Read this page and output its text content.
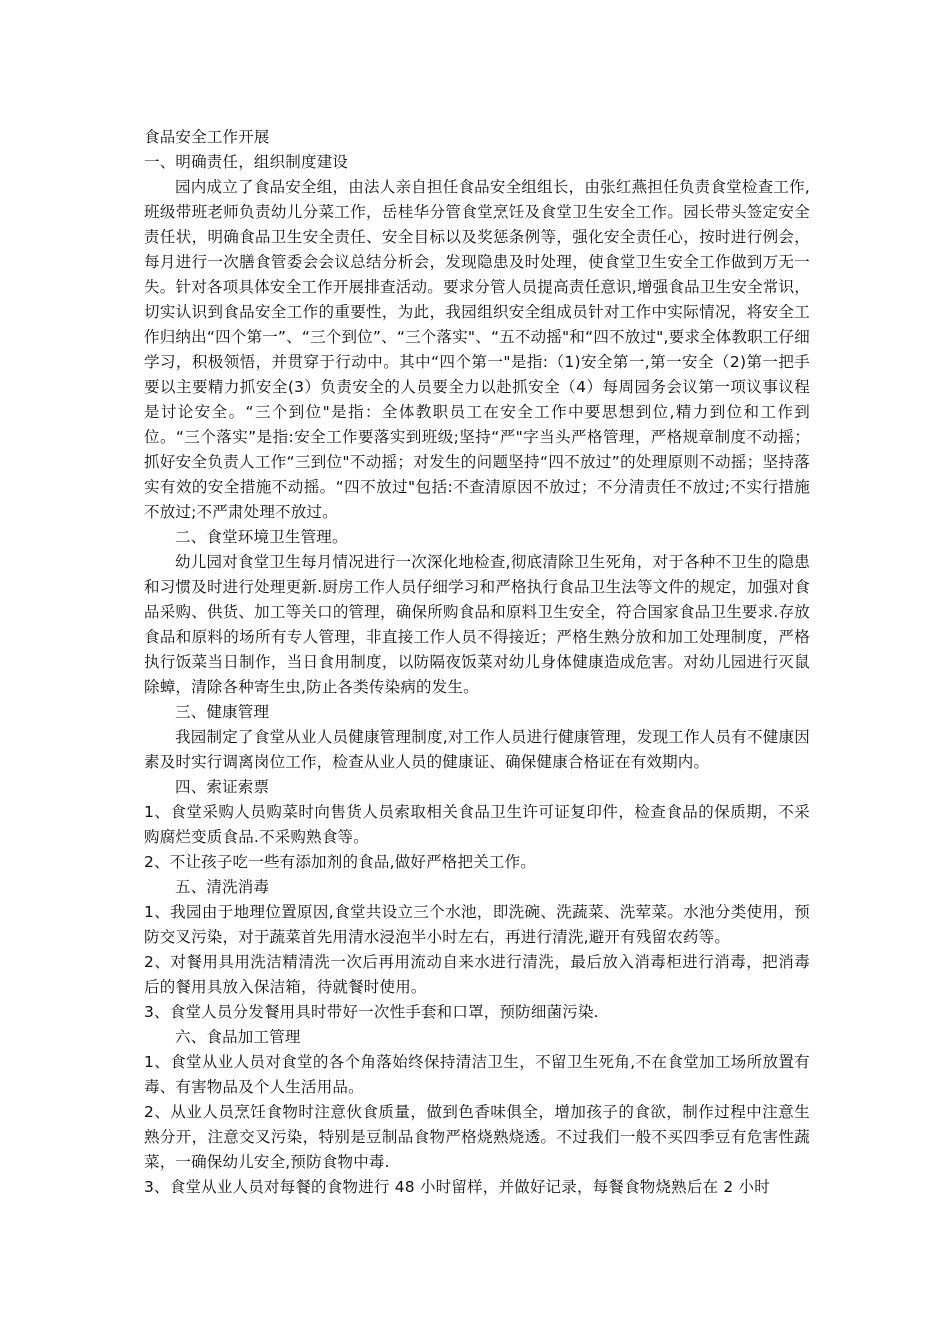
食品安全工作开展

一、明确责任，组织制度建设

园内成立了食品安全组，由法人亲自担任食品安全组组长，由张红燕担任负责食堂检查工作,班级带班老师负责幼儿分菜工作，岳桂华分管食堂烹饪及食堂卫生安全工作。园长带头签定安全责任状，明确食品卫生安全责任、安全目标以及奖惩条例等，强化安全责任心，按时进行例会，每月进行一次膳食管委会会议总结分析会，发现隐患及时处理，使食堂卫生安全工作做到万无一失。针对各项具体安全工作开展排查活动。要求分管人员提高责任意识,增强食品卫生安全常识，切实认识到食品安全工作的重要性，为此，我园组织安全组成员针对工作中实际情况，将安全工作归纳出“四个第一”、“三个到位”、“三个落实"、“五不动摇"和“四不放过",要求全体教职工仔细学习，积极领悟，并贯穿于行动中。其中“四个第一"是指:（1)安全第一,第一安全（2)第一把手要以主要精力抓安全(3）负责安全的人员要全力以赴抓安全（4）每周园务会议第一项议事议程是讨论安全。“三个到位"是指：全体教职员工在安全工作中要思想到位,精力到位和工作到位。“三个落实”是指:安全工作要落实到班级;坚持“严"字当头严格管理，严格规章制度不动摇；抓好安全负责人工作“三到位"不动摇；对发生的问题坚持“四不放过”的处理原则不动摇；坚持落实有效的安全措施不动摇。“四不放过"包括:不查清原因不放过；不分清责任不放过;不实行措施不放过;不严肃处理不放过。

二、食堂环境卫生管理。

幼儿园对食堂卫生每月情况进行一次深化地检查,彻底清除卫生死角，对于各种不卫生的隐患和习惯及时进行处理更新.厨房工作人员仔细学习和严格执行食品卫生法等文件的规定，加强对食品采购、供货、加工等关口的管理，确保所购食品和原料卫生安全，符合国家食品卫生要求.存放食品和原料的场所有专人管理，非直接工作人员不得接近；严格生熟分放和加工处理制度，严格执行饭菜当日制作，当日食用制度，以防隔夜饭菜对幼儿身体健康造成危害。对幼儿园进行灭鼠除蟑，清除各种寄生虫,防止各类传染病的发生。

三、健康管理

我园制定了食堂从业人员健康管理制度,对工作人员进行健康管理，发现工作人员有不健康因素及时实行调离岗位工作，检查从业人员的健康证、确保健康合格证在有效期内。

四、索证索票

1、食堂采购人员购菜时向售货人员索取相关食品卫生许可证复印件，检查食品的保质期，不采购腐烂变质食品.不采购熟食等。

2、不让孩子吃一些有添加剂的食品,做好严格把关工作。

五、清洗消毒

1、我园由于地理位置原因,食堂共设立三个水池，即洗碗、洗蔬菜、洗荤菜。水池分类使用，预防交叉污染，对于蔬菜首先用清水浸泡半小时左右，再进行清洗,避开有残留农药等。

2、对餐用具用洗洁精清洗一次后再用流动自来水进行清洗，最后放入消毒柜进行消毒，把消毒后的餐用具放入保洁箱，待就餐时使用。

3、食堂人员分发餐用具时带好一次性手套和口罩，预防细菌污染.

六、食品加工管理

1、食堂从业人员对食堂的各个角落始终保持清洁卫生，不留卫生死角,不在食堂加工场所放置有毒、有害物品及个人生活用品。

2、从业人员烹饪食物时注意伙食质量，做到色香味俱全，增加孩子的食欲，制作过程中注意生熟分开，注意交叉污染，特别是豆制品食物严格烧熟烧透。不过我们一般不买四季豆有危害性蔬菜，一确保幼儿安全,预防食物中毒.

3、食堂从业人员对每餐的食物进行 48 小时留样，并做好记录，每餐食物烧熟后在 2 小时
